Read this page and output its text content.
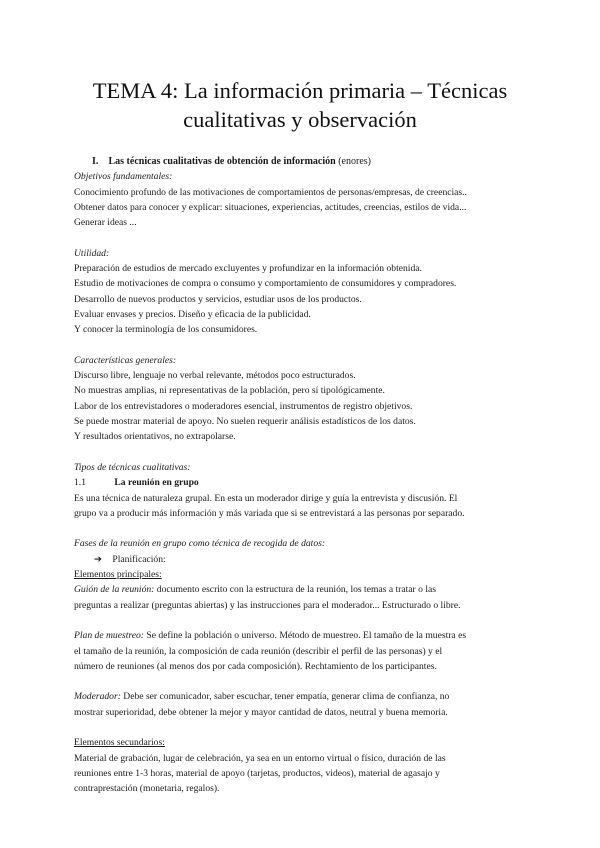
TEMA 4: La información primaria – Técnicas
cualitativas y observación
I. Las técnicas cualitativas de obtención de información (enores)
Objetivos fundamentales:
Conocimiento profundo de las motivaciones de comportamientos de personas/empresas, de creencias..
Obtener datos para conocer y explicar: situaciones, experiencias, actitudes, creencias, estilos de vida...
Generar ideas ...
Utilidad:
Preparación de estudios de mercado excluyentes y profundizar en la información obtenida.
Estudio de motivaciones de compra o consumo y comportamiento de consumidores y compradores.
Desarrollo de nuevos productos y servicios, estudiar usos de los productos.
Evaluar envases y precios. Diseño y eficacia de la publicidad.
Y conocer la terminología de los consumidores.
Características generales:
Discurso libre, lenguaje no verbal relevante, métodos poco estructurados.
No muestras amplias, ni representativas de la población, pero sí tipológicamente.
Labor de los entrevistadores o moderadores esencial, instrumentos de registro objetivos.
Se puede mostrar material de apoyo. No suelen requerir análisis estadísticos de los datos.
Y resultados orientativos, no extrapolarse.
Tipos de técnicas cualitativas:
1.1	La reunión en grupo
Es una técnica de naturaleza grupal. En esta un moderador dirige y guía la entrevista y discusión. El
grupo va a producir más información y más variada que si se entrevistará a las personas por separado.
Fases de la reunión en grupo como técnica de recogida de datos:
➔ Planificación:
Elementos principales:
Guión de la reunión: documento escrito con la estructura de la reunión, los temas a tratar o las
preguntas a realizar (preguntas abiertas) y las instrucciones para el moderador... Estructurado o libre.
Plan de muestreo: Se define la población o universo. Método de muestreo. El tamaño de la muestra es
el tamaño de la reunión, la composición de cada reunión (describir el perfil de las personas) y el
número de reuniones (al menos dos por cada composición). Rechtamiento de los participantes.
Moderador: Debe ser comunicador, saber escuchar, tener empatía, generar clima de confianza, no
mostrar superioridad, debe obtener la mejor y mayor cantidad de datos, neutral y buena memoria.
Elementos secundarios:
Material de grabación, lugar de celebración, ya sea en un entorno virtual o físico, duración de las
reuniones entre 1-3 horas, material de apoyo (tarjetas, productos, videos), material de agasajo y
contraprestación (monetaria, regalos).
